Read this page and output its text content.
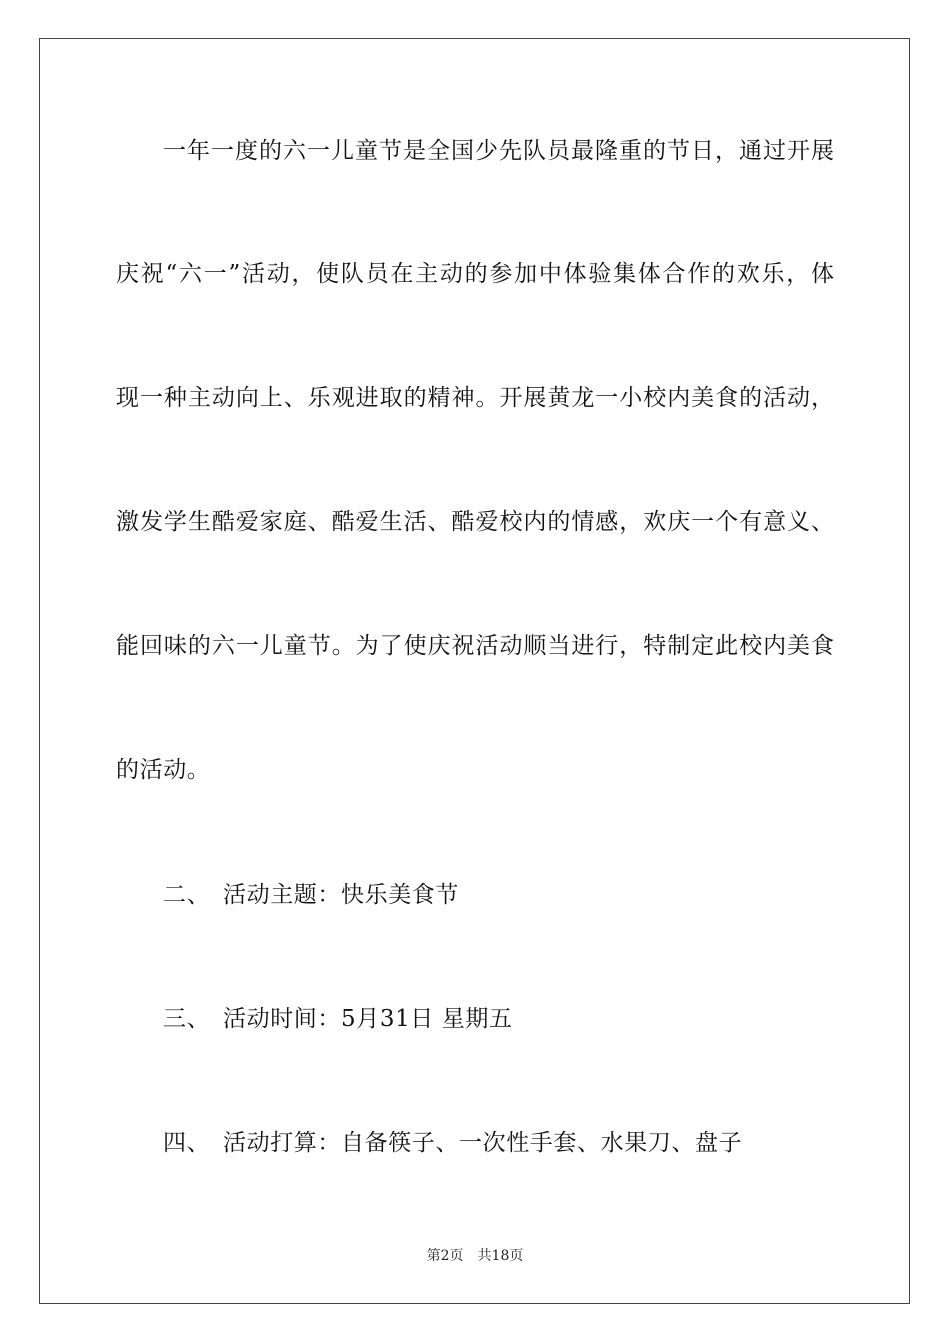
一年一度的六一儿童节是全国少先队员最隆重的节日，通过开展
庆祝“六一”活动，使队员在主动的参加中体验集体合作的欢乐，体
现一种主动向上、乐观进取的精神。开展黄龙一小校内美食的活动，
激发学生酷爱家庭、酷爱生活、酷爱校内的情感，欢庆一个有意义、
能回味的六一儿童节。为了使庆祝活动顺当进行，特制定此校内美食
的活动。
二、 活动主题：快乐美食节
三、 活动时间：5月31日 星期五
四、 活动打算：自备筷子、一次性手套、水果刀、盘子
第2页 共18页
